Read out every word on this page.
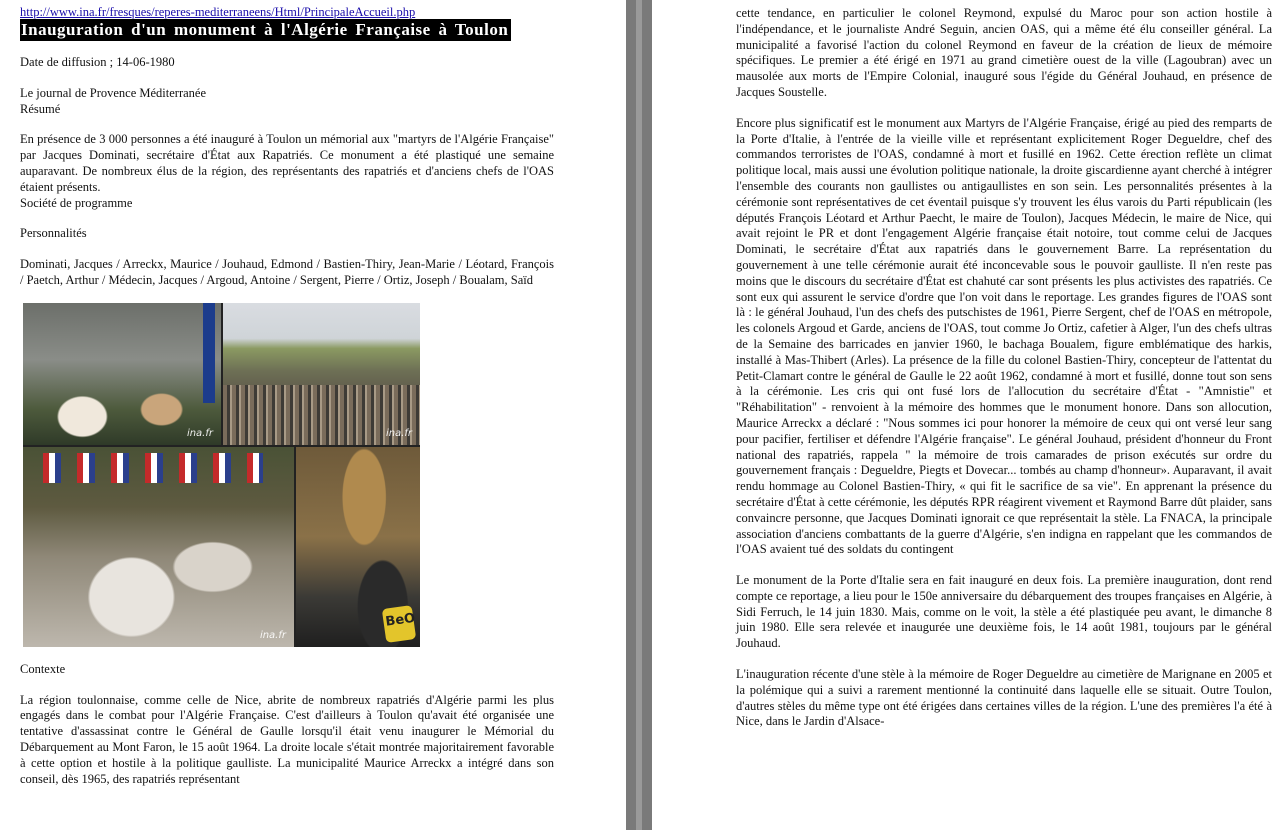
http://www.ina.fr/fresques/reperes-mediterraneens/Html/PrincipaleAccueil.php
Inauguration d'un monument à l'Algérie Française à Toulon

Date de diffusion ; 14-06-1980

Le journal de Provence Méditerranée

Résumé

En présence de 3 000 personnes a été inauguré à Toulon un mémorial aux "martyrs de l'Algérie Française" par Jacques Dominati, secrétaire d'État aux Rapatriés. Ce monument a été plastiqué une semaine auparavant. De nombreux élus de la région, des représentants des rapatriés et d'anciens chefs de l'OAS étaient présents.

Société de programme

Personnalités

Dominati, Jacques / Arreckx, Maurice / Jouhaud, Edmond / Bastien-Thiry, Jean-Marie / Léotard, François / Paetch, Arthur / Médecin, Jacques / Argoud, Antoine / Sergent, Pierre / Ortiz, Joseph / Boualam, Saïd

ina.fr	ina.fr
ina.fr
BeO

Contexte

La région toulonnaise, comme celle de Nice, abrite de nombreux rapatriés d'Algérie parmi les plus engagés dans le combat pour l'Algérie Française. C'est d'ailleurs à Toulon qu'avait été organisée une tentative d'assassinat contre le Général de Gaulle lorsqu'il était venu inaugurer le Mémorial du Débarquement au Mont Faron, le 15 août 1964. La droite locale s'était montrée majoritairement favorable à cette option et hostile à la politique gaulliste. La municipalité Maurice Arreckx a intégré dans son conseil, dès 1965, des rapatriés représentant

cette tendance, en particulier le colonel Reymond, expulsé du Maroc pour son action hostile à l'indépendance, et le journaliste André Seguin, ancien OAS, qui a même été élu conseiller général. La municipalité a favorisé l'action du colonel Reymond en faveur de la création de lieux de mémoire spécifiques. Le premier a été érigé en 1971 au grand cimetière ouest de la ville (Lagoubran) avec un mausolée aux morts de l'Empire Colonial, inauguré sous l'égide du Général Jouhaud, en présence de Jacques Soustelle.

Encore plus significatif est le monument aux Martyrs de l'Algérie Française, érigé au pied des remparts de la Porte d'Italie, à l'entrée de la vieille ville et représentant explicitement Roger Degueldre, chef des commandos terroristes de l'OAS, condamné à mort et fusillé en 1962. Cette érection reflète un climat politique local, mais aussi une évolution politique nationale, la droite giscardienne ayant cherché à intégrer l'ensemble des courants non gaullistes ou antigaullistes en son sein. Les personnalités présentes à la cérémonie sont représentatives de cet éventail puisque s'y trouvent les élus varois du Parti républicain (les députés François Léotard et Arthur Paecht, le maire de Toulon), Jacques Médecin, le maire de Nice, qui avait rejoint le PR et dont l'engagement Algérie française était notoire, tout comme celui de Jacques Dominati, le secrétaire d'État aux rapatriés dans le gouvernement Barre. La représentation du gouvernement à une telle cérémonie aurait été inconcevable sous le pouvoir gaulliste. Il n'en reste pas moins que le discours du secrétaire d'État est chahuté car sont présents les plus activistes des rapatriés. Ce sont eux qui assurent le service d'ordre que l'on voit dans le reportage. Les grandes figures de l'OAS sont là : le général Jouhaud, l'un des chefs des putschistes de 1961, Pierre Sergent, chef de l'OAS en métropole, les colonels Argoud et Garde, anciens de l'OAS, tout comme Jo Ortiz, cafetier à Alger, l'un des chefs ultras de la Semaine des barricades en janvier 1960, le bachaga Boualem, figure emblématique des harkis, installé à Mas-Thibert (Arles). La présence de la fille du colonel Bastien-Thiry, concepteur de l'attentat du Petit-Clamart contre le général de Gaulle le 22 août 1962, condamné à mort et fusillé, donne tout son sens à la cérémonie. Les cris qui ont fusé lors de l'allocution du secrétaire d'État - "Amnistie" et "Réhabilitation" - renvoient à la mémoire des hommes que le monument honore. Dans son allocution, Maurice Arreckx a déclaré : "Nous sommes ici pour honorer la mémoire de ceux qui ont versé leur sang pour pacifier, fertiliser et défendre l'Algérie française". Le général Jouhaud, président d'honneur du Front national des rapatriés, rappela " la mémoire de trois camarades de prison exécutés sur ordre du gouvernement français : Degueldre, Piegts et Dovecar... tombés au champ d'honneur». Auparavant, il avait rendu hommage au Colonel Bastien-Thiry, « qui fit le sacrifice de sa vie". En apprenant la présence du secrétaire d'État à cette cérémonie, les députés RPR réagirent vivement et Raymond Barre dût plaider, sans convaincre personne, que Jacques Dominati ignorait ce que représentait la stèle. La FNACA, la principale association d'anciens combattants de la guerre d'Algérie, s'en indigna en rappelant que les commandos de l'OAS avaient tué des soldats du contingent

Le monument de la Porte d'Italie sera en fait inauguré en deux fois. La première inauguration, dont rend compte ce reportage, a lieu pour le 150e anniversaire du débarquement des troupes françaises en Algérie, à Sidi Ferruch, le 14 juin 1830. Mais, comme on le voit, la stèle a été plastiquée peu avant, le dimanche 8 juin 1980. Elle sera relevée et inaugurée une deuxième fois, le 14 août 1981, toujours par le général Jouhaud.

L'inauguration récente d'une stèle à la mémoire de Roger Degueldre au cimetière de Marignane en 2005 et la polémique qui a suivi a rarement mentionné la continuité dans laquelle elle se situait. Outre Toulon, d'autres stèles du même type ont été érigées dans certaines villes de la région. L'une des premières l'a été à Nice, dans le Jardin d'Alsace-
